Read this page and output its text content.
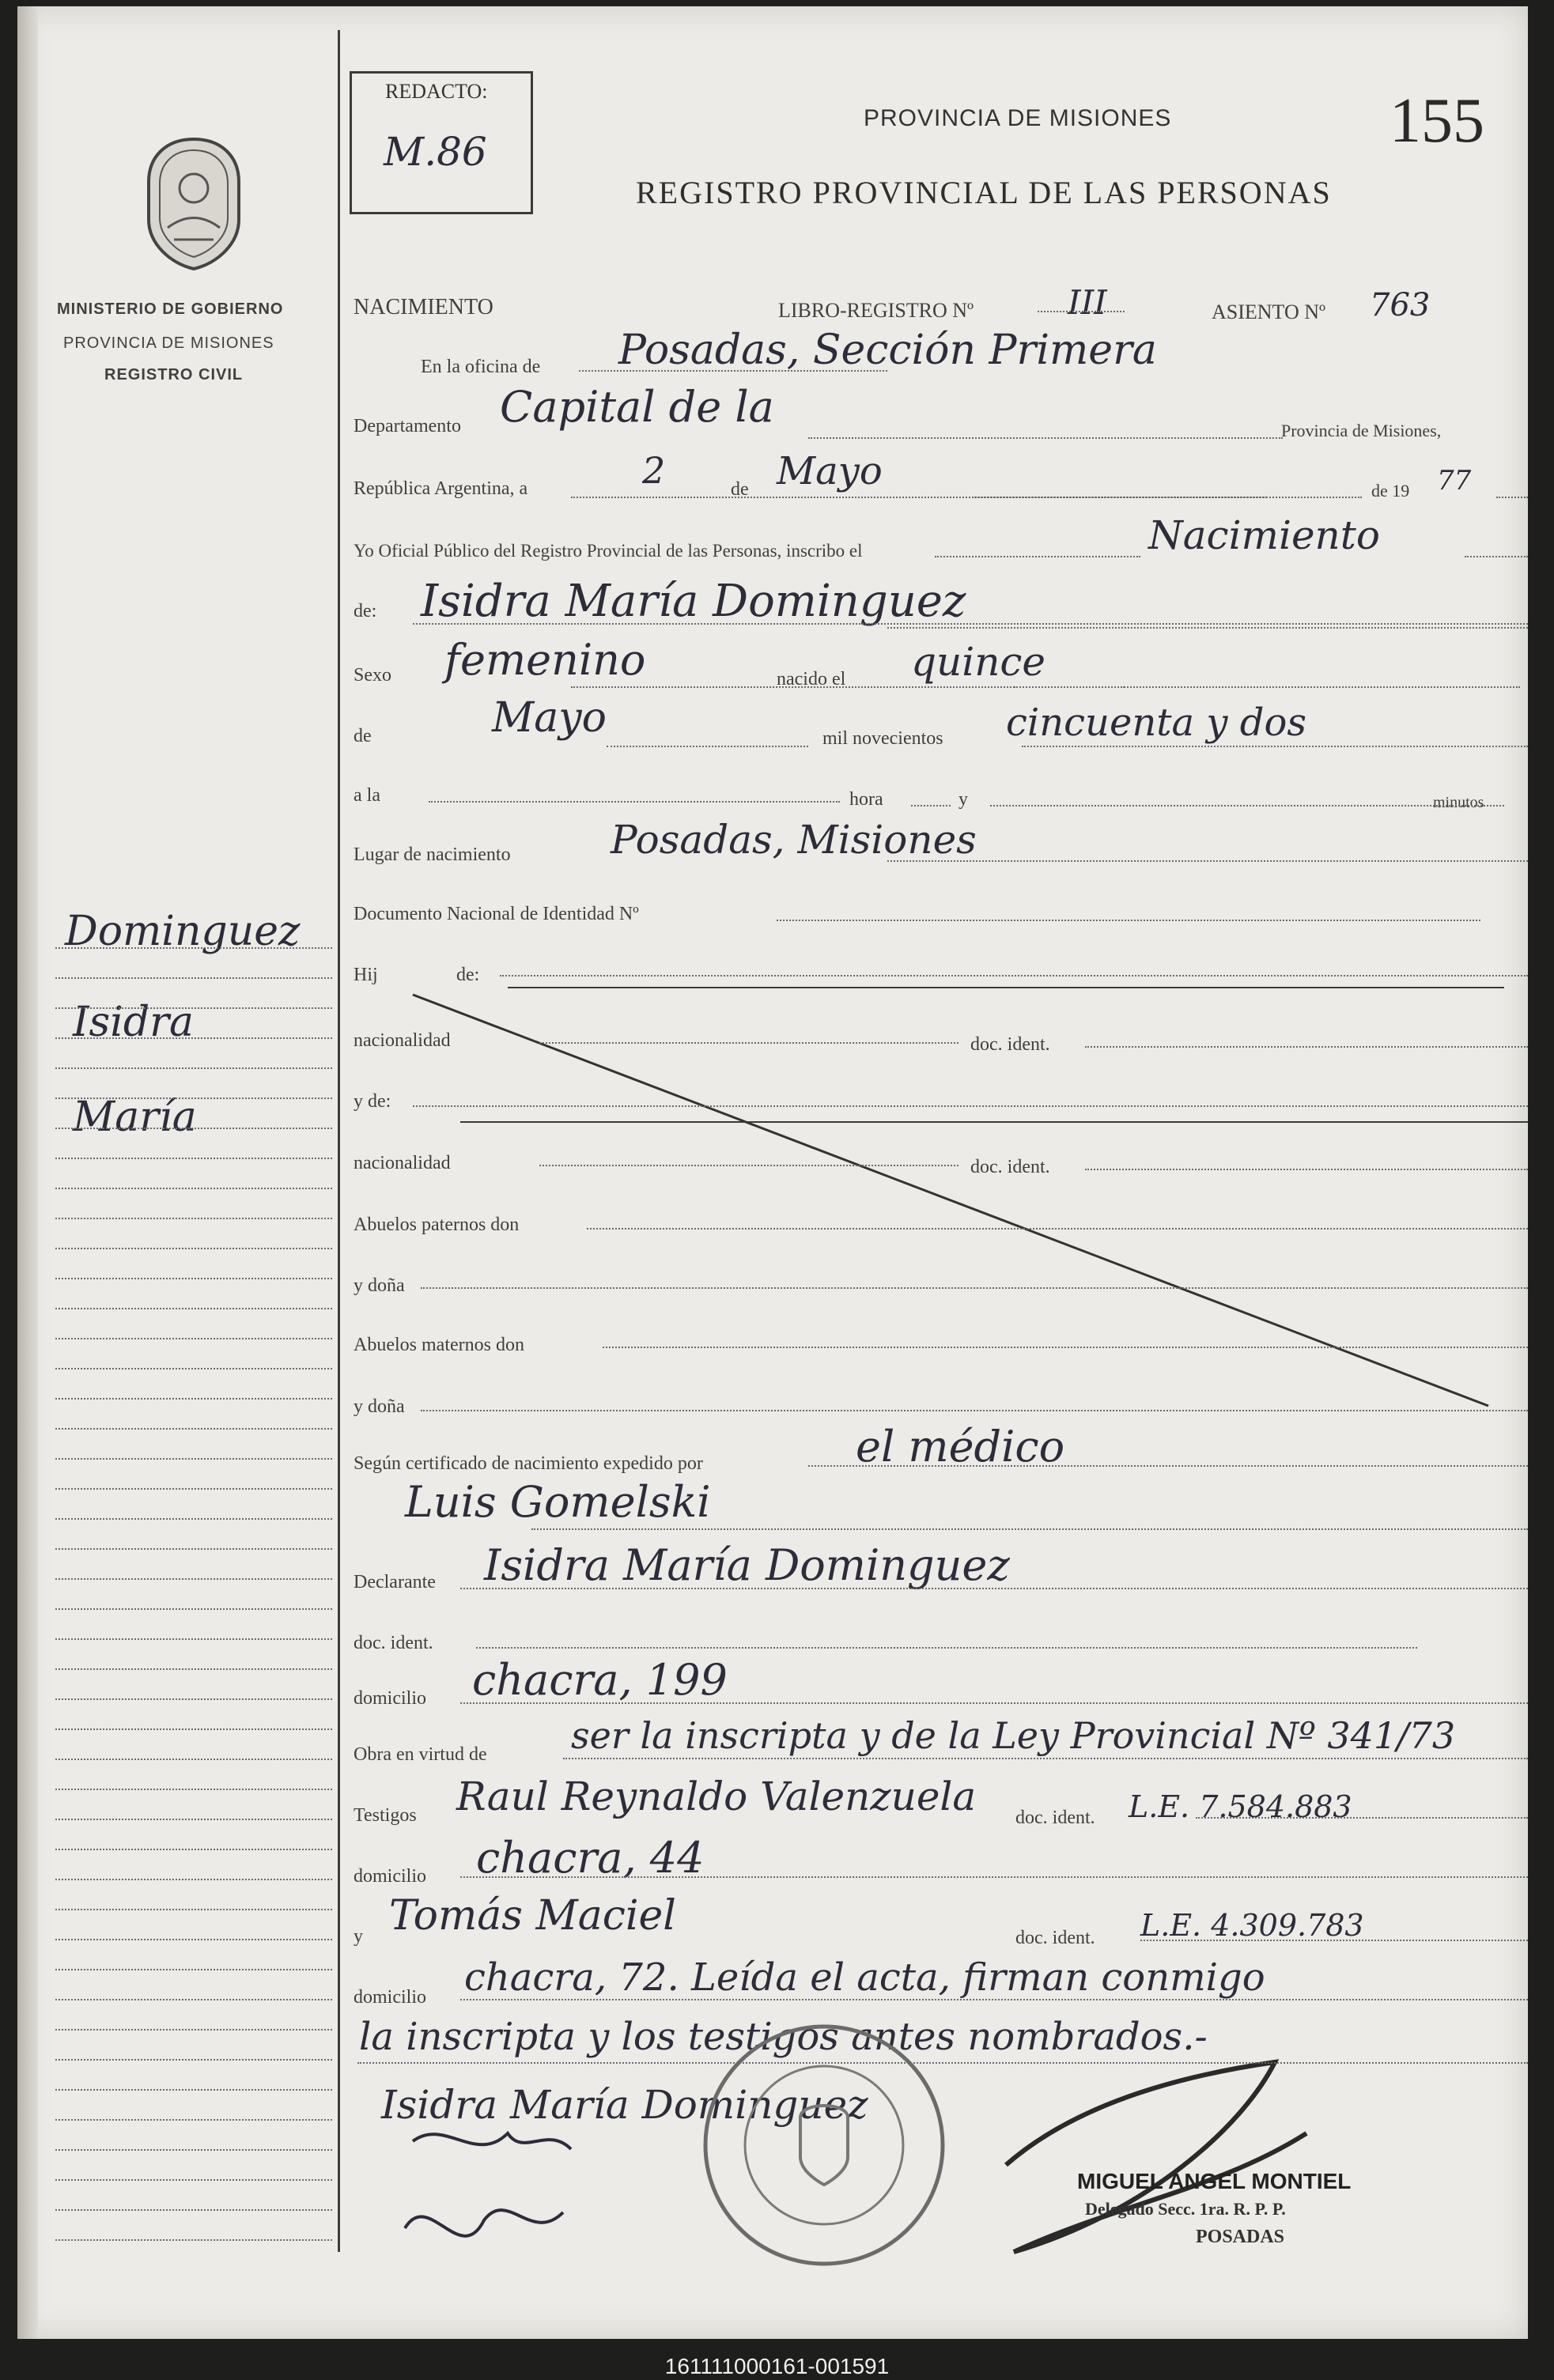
MINISTERIO DE GOBIERNO
PROVINCIA DE MISIONES
REGISTRO CIVIL
Dominguez
Isidra
María
REDACTO:
M.86
PROVINCIA DE MISIONES	155
REGISTRO PROVINCIAL DE LAS PERSONAS
NACIMIENTO	LIBRO-REGISTRO Nº	III	ASIENTO Nº 763
En la oficina de Posadas, Sección Primera
Departamento Capital de la	Provincia de Misiones,
República Argentina, a	2	de Mayo	de 19 77
Yo Oficial Público del Registro Provincial de las Personas, inscribo el	Nacimiento
de: Isidra María Dominguez
Sexo femenino	nacido el quince
de	Mayo	mil novecientos cincuenta y dos
a la	hora	y	minutos
Lugar de nacimiento	Posadas, Misiones
Documento Nacional de Identidad Nº
Hij	de:
nacionalidad	doc. ident.
y de:
nacionalidad	doc. ident.
Abuelos paternos don
y doña
Abuelos maternos don
y doña
Según certificado de nacimiento expedido por	el médico
Luis Gomelski
Declarante Isidra María Dominguez
doc. ident.
domicilio chacra, 199
Obra en virtud de ser la inscripta y de la Ley Provincial Nº 341/73
Testigos Raul Reynaldo Valenzuela doc. ident. L.E. 7.584.883
domicilio chacra, 44
y Tomás Maciel	doc. ident. L.E. 4.309.783
domicilio chacra, 72. Leída el acta, firman conmigo
la inscripta y los testigos antes nombrados.-
Isidra María Dominguez
MIGUEL ANGEL MONTIEL
Delegado Secc. 1ra. R. P. P.
POSADAS
161111000161-001591
